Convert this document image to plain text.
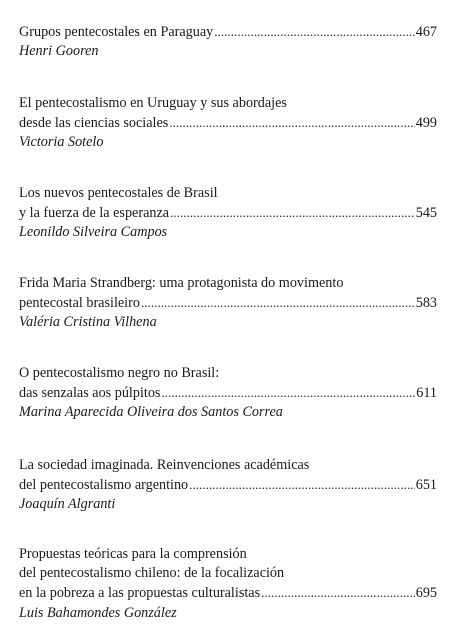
Grupos pentecostales en Paraguay . . .	467
Henri Gooren
El pentecostalismo en Uruguay y sus abordajes
desde las ciencias sociales . . .	499
Victoria Sotelo
Los nuevos pentecostales de Brasil
y la fuerza de la esperanza . . .	545
Leonildo Silveira Campos
Frida Maria Strandberg: uma protagonista do movimento
pentecostal brasileiro . . .	583
Valéria Cristina Vilhena
O pentecostalismo negro no Brasil:
das senzalas aos púlpitos . . .	611
Marina Aparecida Oliveira dos Santos Correa
La sociedad imaginada. Reinvenciones académicas
del pentecostalismo argentino . . .	651
Joaquín Algranti
Propuestas teóricas para la comprensión
del pentecostalismo chileno: de la focalización
en la pobreza a las propuestas culturalistas . . .	695
Luis Bahamondes González
